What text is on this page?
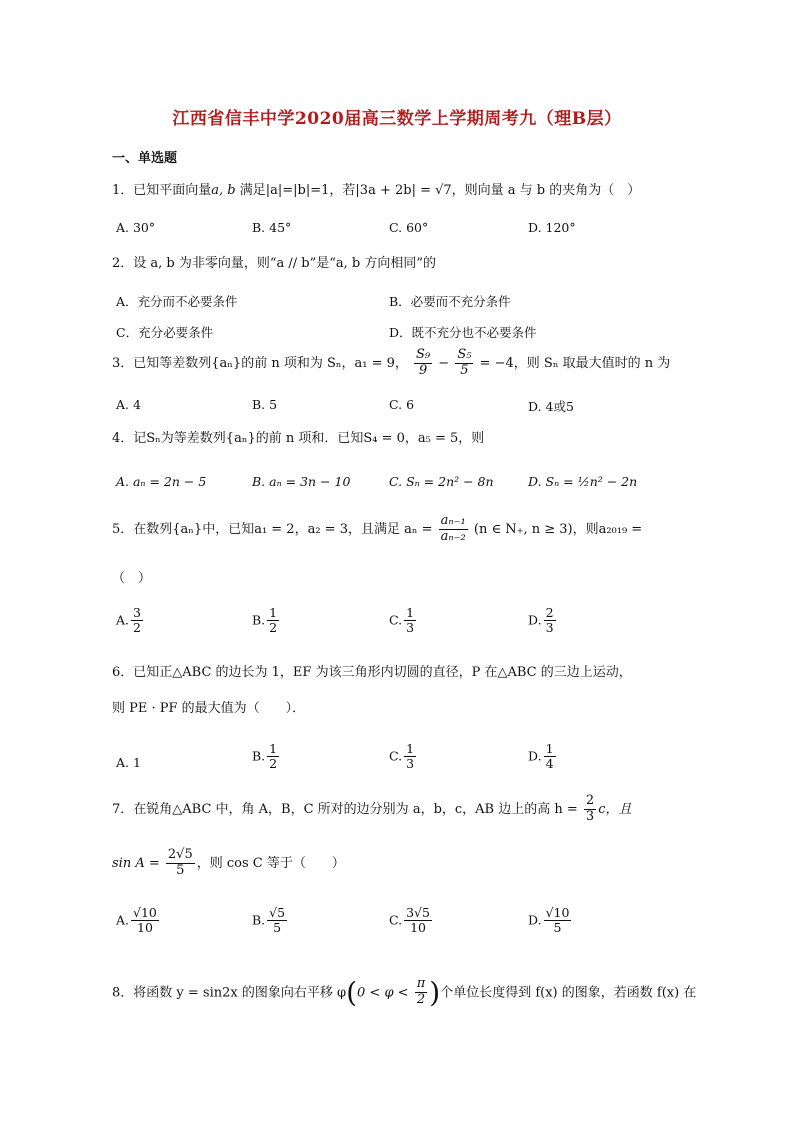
江西省信丰中学2020届高三数学上学期周考九（理B层）
一、单选题
1．已知平面向量a, b 满足|a|=|b|=1，若|3a + 2b| = √7，则向量 a 与 b 的夹角为（　）
A. 30°	B. 45°	C. 60°	D. 120°
2．设 a, b 为非零向量，则“a // b”是“a, b 方向相同”的
A．充分而不必要条件	B．必要而不充分条件
C．充分必要条件	D．既不充分也不必要条件
3．已知等差数列{aₙ}的前 n 项和为 Sₙ，a₁ = 9， $\frac{\text{S₉}}{9} - \frac{\text{S₅}}{5} = -4$，则 Sₙ 取最大值时的 n 为
A. 4	B. 5	C. 6	D. 4或5
4．记Sₙ为等差数列{aₙ}的前 n 项和．已知S₄ = 0，a₅ = 5，则
A. aₙ = 2n − 5	B. aₙ = 3n − 10	C. Sₙ = 2n² − 8n	D. Sₙ = ½n² − 2n
5．在数列{aₙ}中，已知a₁ = 2，a₂ = 3，且满足 $a_n = \frac{\text{aₙ₋₁}}{\text{aₙ₋₂}} (n$ ∈ N₊, n ≥ 3)，则a₂₀₁₉ =
（　）
A. $\frac{3}{2}$	B. $\frac{1}{2}$	C. $\frac{1}{3}$	D. $\frac{2}{3}$
6．已知正△ABC 的边长为 1，EF 为该三角形内切圆的直径，P 在△ABC 的三边上运动，
则 PE · PF 的最大值为（　　）．
A. 1	B. $\frac{1}{2}$	C. $\frac{1}{3}$	D. $\frac{1}{4}$
7．在锐角△ABC 中，角 A，B，C 所对的边分别为 a，b，c，AB 边上的高 $h = \frac{2}{3}$ c，且
$\sin A = \frac{2√5}{5}$ ，则 cos C 等于（　　）
A. $\frac{√10}{10}$	B. $\frac{√5}{5}$	C. $\frac{3√5}{10}$	D. $\frac{√10}{5}$
8．将函数 y = sin2x 的图象向右平移 $\varphi(0 < \varphi < \frac{\pi}{2}$ )个单位长度得到 f(x) 的图象，若函数 f(x) 在
